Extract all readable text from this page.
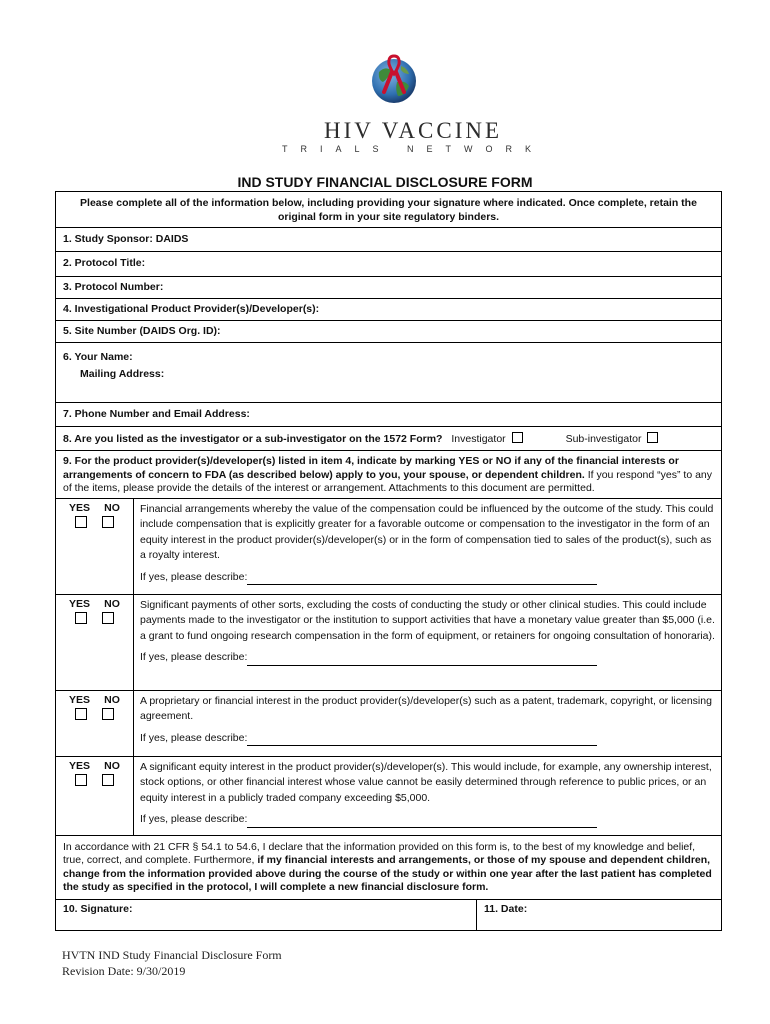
HIV VACCINE
TRIALS NETWORK
IND STUDY FINANCIAL DISCLOSURE FORM
Please complete all of the information below, including providing your signature where indicated. Once complete, retain the original form in your site regulatory binders.
1. Study Sponsor: DAIDS
2. Protocol Title:
3. Protocol Number:
4. Investigational Product Provider(s)/Developer(s):
5. Site Number (DAIDS Org. ID):
6. Your Name:
Mailing Address:
7. Phone Number and Email Address:
8. Are you listed as the investigator or a sub-investigator on the 1572 Form? Investigator	Sub-investigator
9. For the product provider(s)/developer(s) listed in item 4, indicate by marking YES or NO if any of the financial interests or arrangements of concern to FDA (as described below) apply to you, your spouse, or dependent children. If you respond “yes” to any of the items, please provide the details of the interest or arrangement. Attachments to this document are permitted.
YES NO Financial arrangements whereby the value of the compensation could be influenced by the outcome of the study. This could include compensation that is explicitly greater for a favorable outcome or compensation to the investigator in the form of an equity interest in the product provider(s)/developer(s) or in the form of compensation tied to sales of the product(s), such as a royalty interest.
If yes, please describe:
YES NO Significant payments of other sorts, excluding the costs of conducting the study or other clinical studies. This could include payments made to the investigator or the institution to support activities that have a monetary value greater than $5,000 (i.e. a grant to fund ongoing research compensation in the form of equipment, or retainers for ongoing consultation of honoraria).
If yes, please describe:
YES NO A proprietary or financial interest in the product provider(s)/developer(s) such as a patent, trademark, copyright, or licensing agreement.
If yes, please describe:
YES NO A significant equity interest in the product provider(s)/developer(s). This would include, for example, any ownership interest, stock options, or other financial interest whose value cannot be easily determined through reference to public prices, or an equity interest in a publicly traded company exceeding $5,000.
If yes, please describe:
In accordance with 21 CFR § 54.1 to 54.6, I declare that the information provided on this form is, to the best of my knowledge and belief, true, correct, and complete. Furthermore, if my financial interests and arrangements, or those of my spouse and dependent children, change from the information provided above during the course of the study or within one year after the last patient has completed the study as specified in the protocol, I will complete a new financial disclosure form.
10. Signature:	11. Date:
HVTN IND Study Financial Disclosure Form
Revision Date: 9/30/2019
